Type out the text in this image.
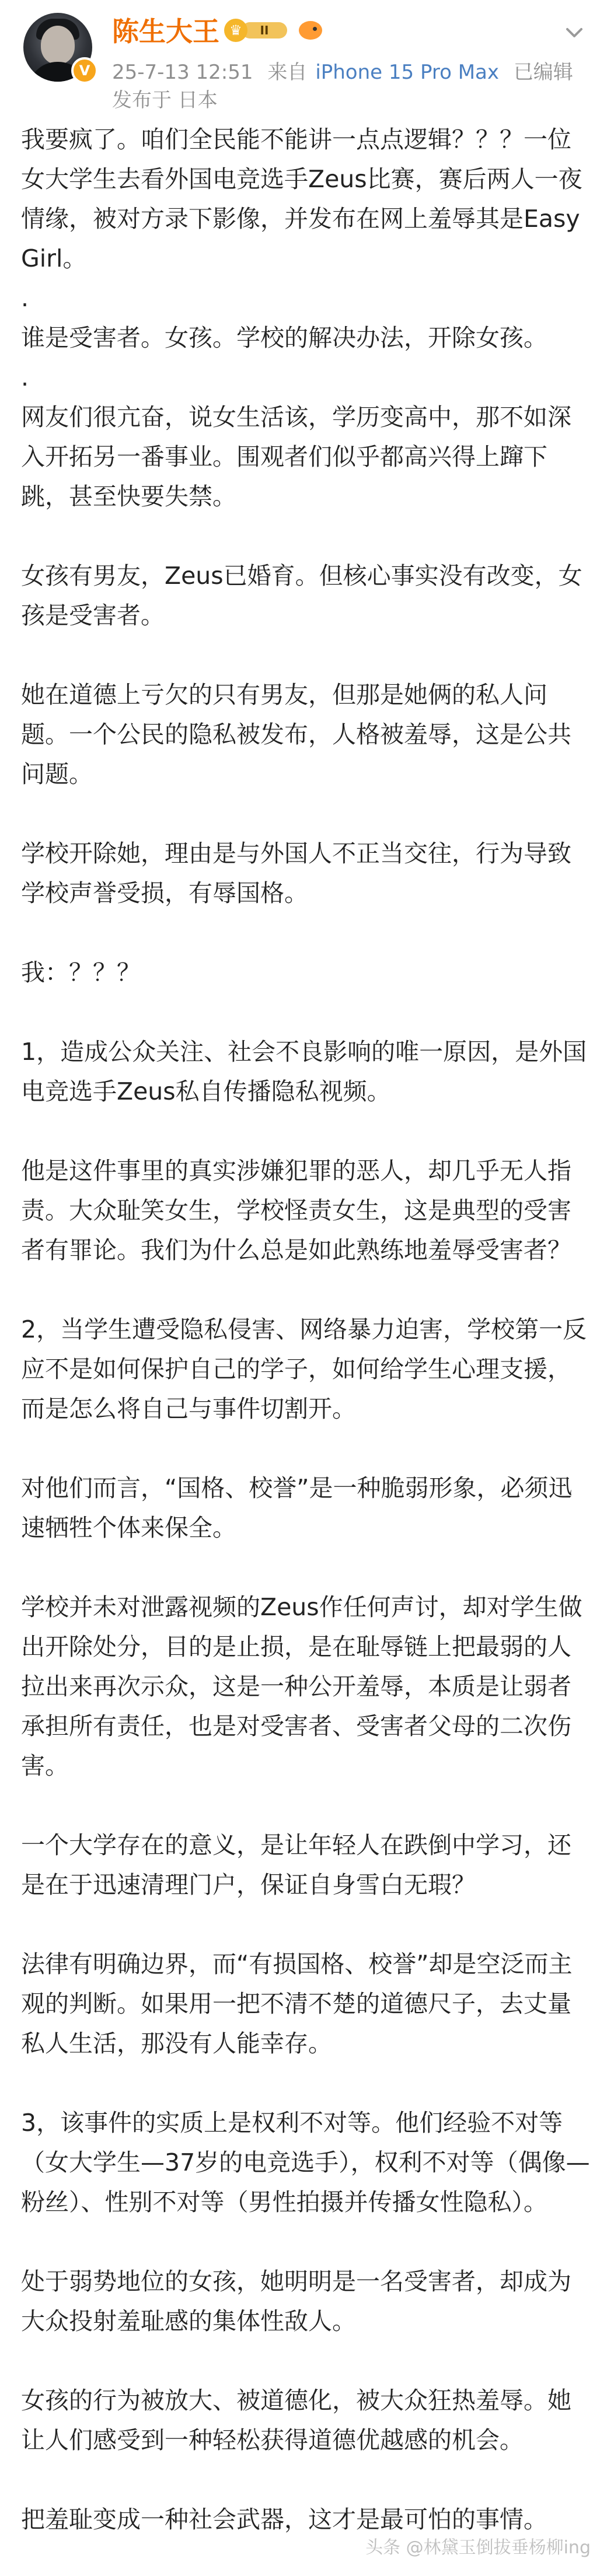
V
陈生大王	II
♛
25-7-13 12:51 来自 iPhone 15 Pro Max 已编辑
发布于 日本

我要疯了。咱们全民能不能讲一点点逻辑？？？一位女大学生去看外国电竞选手Zeus比赛，赛后两人一夜情缘，被对方录下影像，并发布在网上羞辱其是Easy Girl。

.

谁是受害者。女孩。学校的解决办法，开除女孩。

.

网友们很亢奋，说女生活该，学历变高中，那不如深入开拓另一番事业。围观者们似乎都高兴得上蹿下跳，甚至快要失禁。

女孩有男友，Zeus已婚育。但核心事实没有改变，女孩是受害者。

她在道德上亏欠的只有男友，但那是她俩的私人问题。一个公民的隐私被发布，人格被羞辱，这是公共问题。

学校开除她，理由是与外国人不正当交往，行为导致学校声誉受损，有辱国格。

我：？？？

1，造成公众关注、社会不良影响的唯一原因，是外国电竞选手Zeus私自传播隐私视频。

他是这件事里的真实涉嫌犯罪的恶人，却几乎无人指责。大众耻笑女生，学校怪责女生，这是典型的受害者有罪论。我们为什么总是如此熟练地羞辱受害者？

2，当学生遭受隐私侵害、网络暴力迫害，学校第一反应不是如何保护自己的学子，如何给学生心理支援，而是怎么将自己与事件切割开。

对他们而言，“国格、校誉”是一种脆弱形象，必须迅速牺牲个体来保全。

学校并未对泄露视频的Zeus作任何声讨，却对学生做出开除处分，目的是止损，是在耻辱链上把最弱的人拉出来再次示众，这是一种公开羞辱，本质是让弱者承担所有责任，也是对受害者、受害者父母的二次伤害。

一个大学存在的意义，是让年轻人在跌倒中学习，还是在于迅速清理门户，保证自身雪白无瑕？

法律有明确边界，而“有损国格、校誉”却是空泛而主观的判断。如果用一把不清不楚的道德尺子，去丈量私人生活，那没有人能幸存。

3，该事件的实质上是权利不对等。他们经验不对等（女大学生—37岁的电竞选手），权利不对等（偶像—粉丝）、性别不对等（男性拍摄并传播女性隐私）。

处于弱势地位的女孩，她明明是一名受害者，却成为大众投射羞耻感的集体性敌人。

女孩的行为被放大、被道德化，被大众狂热羞辱。她让人们感受到一种轻松获得道德优越感的机会。

把羞耻变成一种社会武器，这才是最可怕的事情。

头条 @林黛玉倒拔垂杨柳ing
